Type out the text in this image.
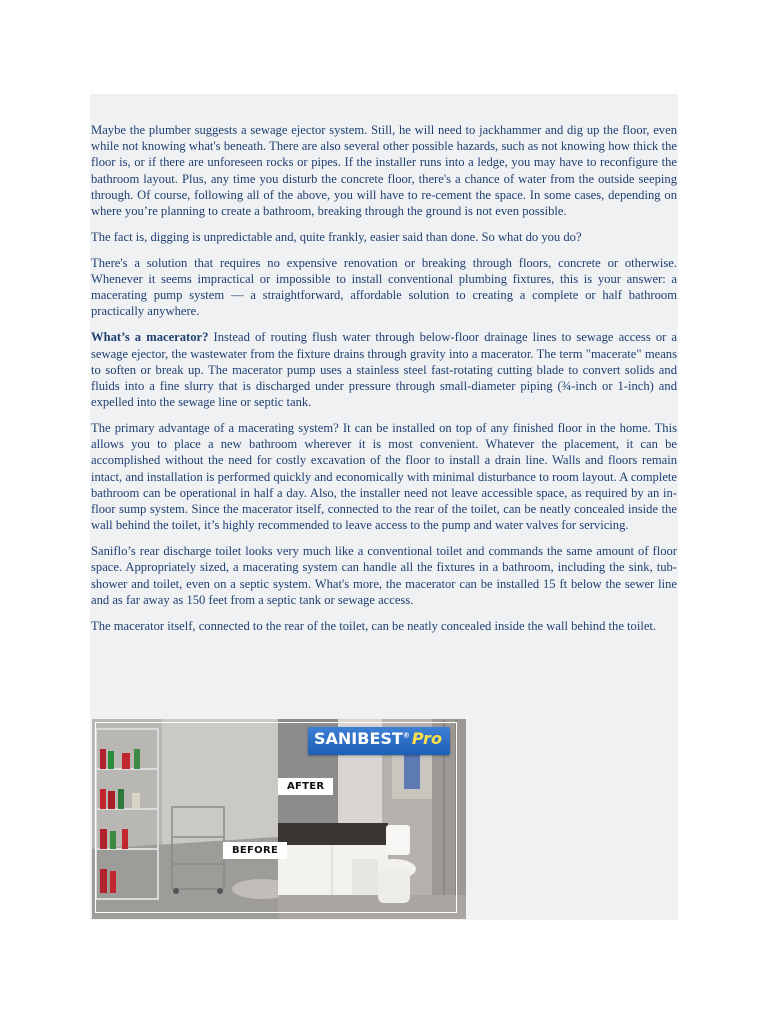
Maybe the plumber suggests a sewage ejector system. Still, he will need to jackhammer and dig up the floor, even while not knowing what's beneath. There are also several other possible hazards, such as not knowing how thick the floor is, or if there are unforeseen rocks or pipes. If the installer runs into a ledge, you may have to reconfigure the bathroom layout. Plus, any time you disturb the concrete floor, there's a chance of water from the outside seeping through. Of course, following all of the above, you will have to re-cement the space. In some cases, depending on where you’re planning to create a bathroom, breaking through the ground is not even possible.

The fact is, digging is unpredictable and, quite frankly, easier said than done. So what do you do?

There's a solution that requires no expensive renovation or breaking through floors, concrete or otherwise. Whenever it seems impractical or impossible to install conventional plumbing fixtures, this is your answer: a macerating pump system — a straightforward, affordable solution to creating a complete or half bathroom practically anywhere.

What’s a macerator? Instead of routing flush water through below-floor drainage lines to sewage access or a sewage ejector, the wastewater from the fixture drains through gravity into a macerator. The term "macerate" means to soften or break up. The macerator pump uses a stainless steel fast-rotating cutting blade to convert solids and fluids into a fine slurry that is discharged under pressure through small-diameter piping (¾-inch or 1-inch) and expelled into the sewage line or septic tank.

The primary advantage of a macerating system? It can be installed on top of any finished floor in the home. This allows you to place a new bathroom wherever it is most convenient. Whatever the placement, it can be accomplished without the need for costly excavation of the floor to install a drain line. Walls and floors remain intact, and installation is performed quickly and economically with minimal disturbance to room layout. A complete bathroom can be operational in half a day. Also, the installer need not leave accessible space, as required by an in-floor sump system. Since the macerator itself, connected to the rear of the toilet, can be neatly concealed inside the wall behind the toilet, it’s highly recommended to leave access to the pump and water valves for servicing.

Saniflo’s rear discharge toilet looks very much like a conventional toilet and commands the same amount of floor space. Appropriately sized, a macerating system can handle all the fixtures in a bathroom, including the sink, tub-shower and toilet, even on a septic system. What's more, the macerator can be installed 15 ft below the sewer line and as far away as 150 feet from a septic tank or sewage access.

The macerator itself, connected to the rear of the toilet, can be neatly concealed inside the wall behind the toilet.

SANIBEST® Pro
AFTER
BEFORE
